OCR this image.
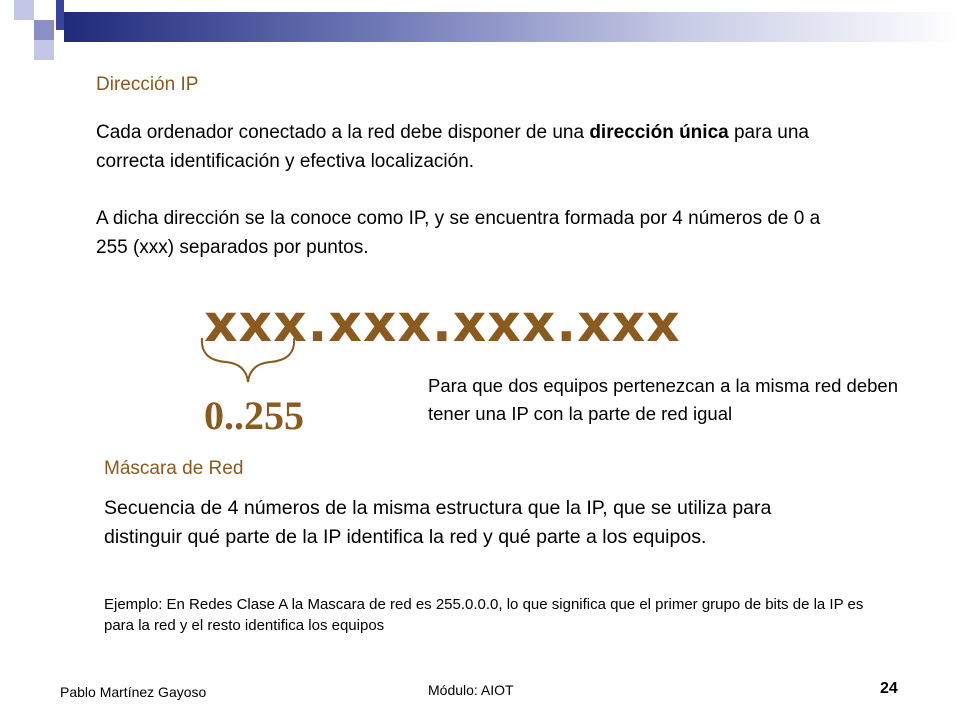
Dirección IP

Cada ordenador conectado a la red debe disponer de una dirección única para una correcta identificación y efectiva localización.

A dicha dirección se la conoce como IP, y se encuentra formada por 4 números de 0 a 255 (xxx) separados por puntos.

xxx.xxx.xxx.xxx
0..255

Para que dos equipos pertenezcan a la misma red deben tener una IP con la parte de red igual

Máscara de Red

Secuencia de 4 números de la misma estructura que la IP, que se utiliza para distinguir qué parte de la IP identifica la red y qué parte a los equipos.

Ejemplo: En Redes Clase A la Mascara de red es 255.0.0.0, lo que significa que el primer grupo de bits de la IP es para la red y el resto identifica los equipos

Pablo Martínez Gayoso	Módulo: AIOT	24
